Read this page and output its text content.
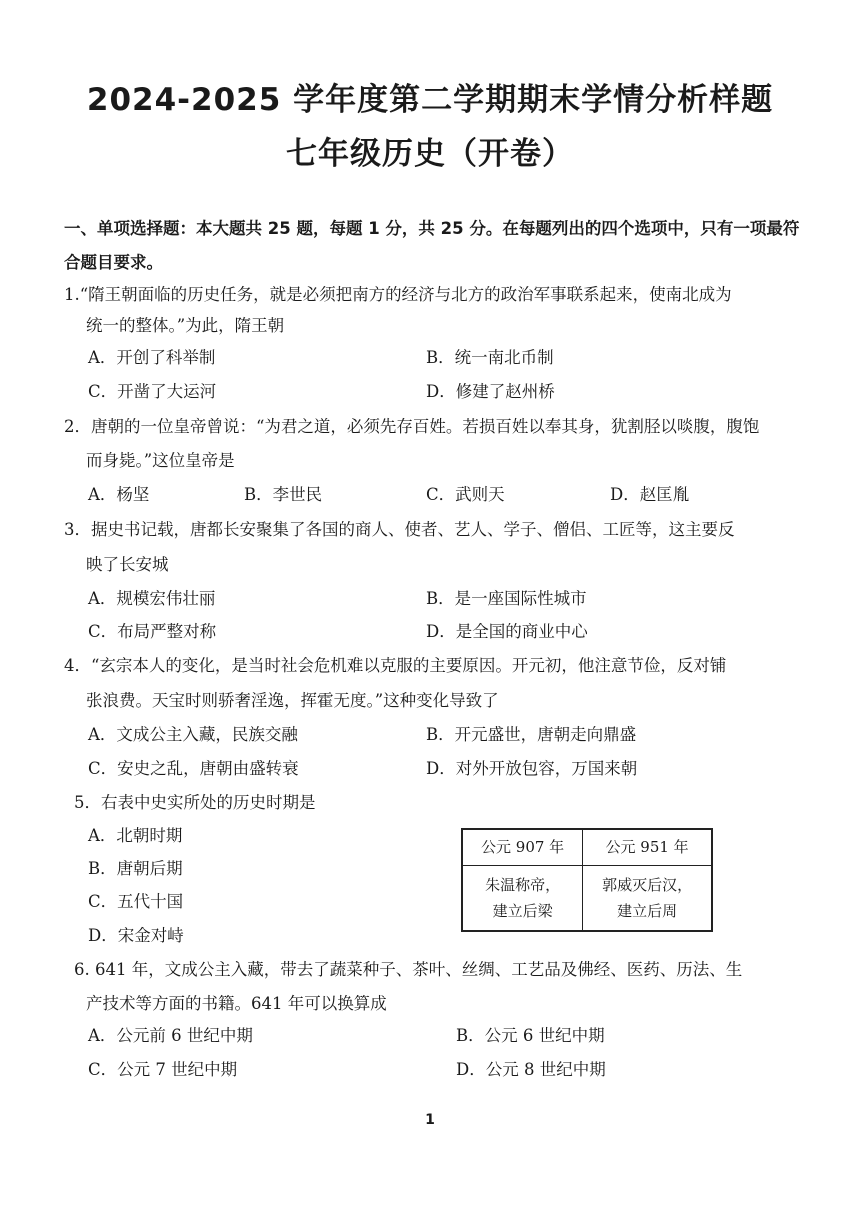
2024-2025 学年度第二学期期末学情分析样题
七年级历史（开卷）

一、单项选择题：本大题共 25 题，每题 1 分，共 25 分。在每题列出的四个选项中，只有一项最符合题目要求。

1.“隋王朝面临的历史任务，就是必须把南方的经济与北方的政治军事联系起来，使南北成为

统一的整体。”为此，隋王朝

A．开创了科举制	B．统一南北币制
C．开凿了大运河	D．修建了赵州桥

2．唐朝的一位皇帝曾说：“为君之道，必须先存百姓。若损百姓以奉其身，犹割胫以啖腹，腹饱

而身毙。”这位皇帝是

A．杨坚	B．李世民	C．武则天	D．赵匡胤

3．据史书记载，唐都长安聚集了各国的商人、使者、艺人、学子、僧侣、工匠等，这主要反

映了长安城

A．规模宏伟壮丽	B．是一座国际性城市
C．布局严整对称	D．是全国的商业中心

4．“玄宗本人的变化，是当时社会危机难以克服的主要原因。开元初，他注意节俭，反对铺

张浪费。天宝时则骄奢淫逸，挥霍无度。”这种变化导致了

A．文成公主入藏，民族交融	B．开元盛世，唐朝走向鼎盛
C．安史之乱，唐朝由盛转衰	D．对外开放包容，万国来朝

5．右表中史实所处的历史时期是

A．北朝时期
B．唐朝后期
C．五代十国
D．宋金对峙
公元 907 年	公元 951 年
朱温称帝，
建立后梁	郭威灭后汉，
建立后周

6. 641 年，文成公主入藏，带去了蔬菜种子、茶叶、丝绸、工艺品及佛经、医药、历法、生

产技术等方面的书籍。641 年可以换算成

A．公元前 6 世纪中期	B．公元 6 世纪中期
C．公元 7 世纪中期	D．公元 8 世纪中期
1
